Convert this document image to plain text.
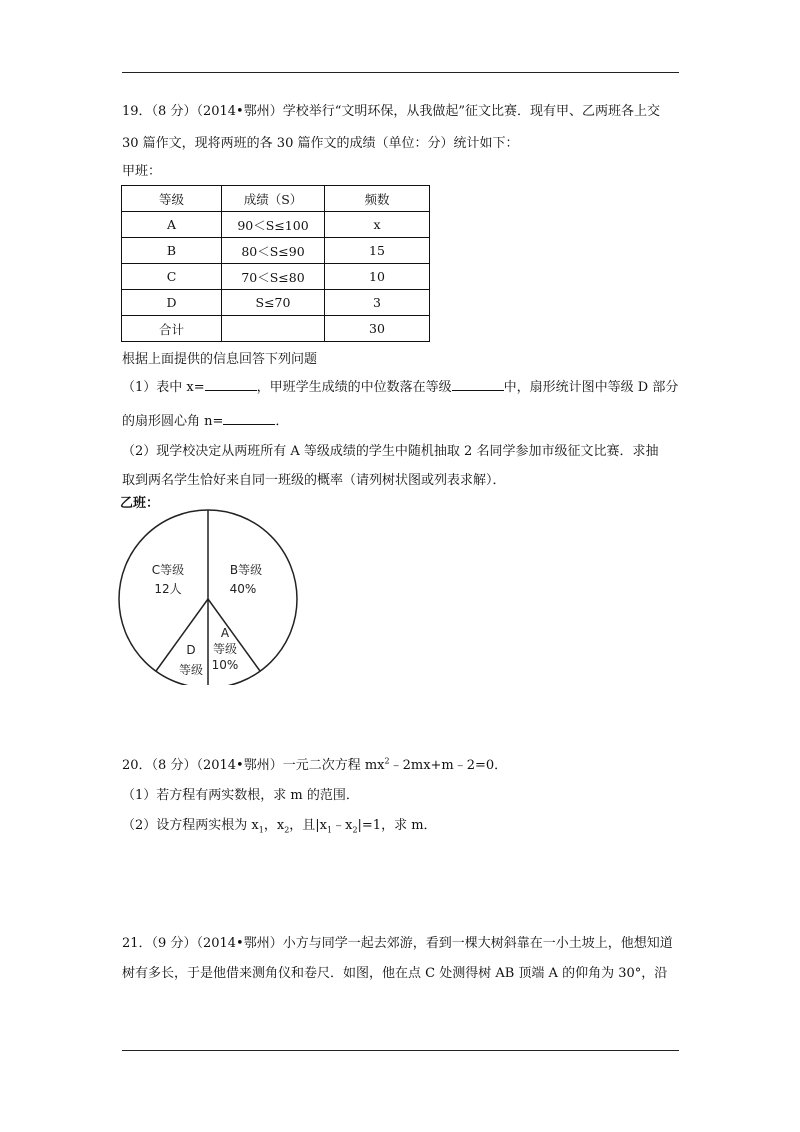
19．（8 分）（2014•鄂州）学校举行“文明环保，从我做起”征文比赛．现有甲、乙两班各上交
30 篇作文，现将两班的各 30 篇作文的成绩（单位：分）统计如下：
甲班：
等级	成绩（S）	频数
A	90＜S≤100	x
B	80＜S≤90	15
C	70＜S≤80	10
D	S≤70	3
合计		30
根据上面提供的信息回答下列问题
（1）表中 x=	，甲班学生成绩的中位数落在等级	中，扇形统计图中等级 D 部分
的扇形圆心角 n=	．
（2）现学校决定从两班所有 A 等级成绩的学生中随机抽取 2 名同学参加市级征文比赛．求抽
取到两名学生恰好来自同一班级的概率（请列树状图或列表求解）．
乙班：
C等级
12人
B等级
40%
A
等级
10%
D
等级
20．（8 分）（2014•鄂州）一元二次方程 $mx^2﹣2mx+m﹣2=0$．
（1）若方程有两实数根，求 m 的范围．
（2）设方程两实根为 $x_1$，$x_2$，且$|x_1﹣x_2|=1$，求 m．
21．（9 分）（2014•鄂州）小方与同学一起去郊游，看到一棵大树斜靠在一小土坡上，他想知道
树有多长，于是他借来测角仪和卷尺．如图，他在点 C 处测得树 AB 顶端 A 的仰角为 30°，沿
